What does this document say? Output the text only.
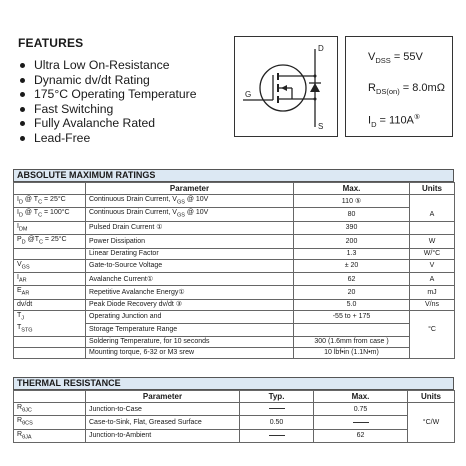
FEATURES
Ultra Low On-Resistance
Dynamic dv/dt Rating
175°C Operating Temperature
Fast Switching
Fully Avalanche Rated
Lead-Free
D
G
S
$V_{DSS} = 55V$
$R_{DS(on)} = 8.0m\Omega$
$I_D = 110A^⑤$
ABSOLUTE MAXIMUM RATINGS
	Parameter	Max.	Units
$I_D$ @ $T_C = 25^\circ C$	Continuous Drain Current, $V_{GS}$ @ 10V	110 ⑤	
$I_D$ @ $T_C = 100^\circ C$	Continuous Drain Current, $V_{GS}$ @ 10V	80	A
$I_{DM}$	Pulsed Drain Current ①	390	
$P_D$ $@T_C = 25^\circ C$	Power Dissipation	200	W
	Linear Derating Factor	1.3	W/°C
$V_{GS}$	Gate-to-Source Voltage	± 20	V
$I_{AR}$	Avalanche Current①	62	A
$E_{AR}$	Repetitive Avalanche Energy①	20	mJ
dv/dt	Peak Diode Recovery dv/dt ③	5.0	V/ns
$T_J$	Operating Junction and	-55 to + 175	
$T_{STG}$	Storage Temperature Range		°C
	Soldering Temperature, for 10 seconds	300 (1.6mm from case )	
	Mounting torque, 6-32 or M3 srew	10 lbf•in (1.1N•m)	
THERMAL RESISTANCE
	Parameter	Typ.	Max.	Units
$R_{\theta JC}$	Junction-to-Case		0.75	
$R_{\theta CS}$	Case-to-Sink, Flat, Greased Surface	0.50		°C/W
$R_{\theta JA}$	Junction-to-Ambient		62	
